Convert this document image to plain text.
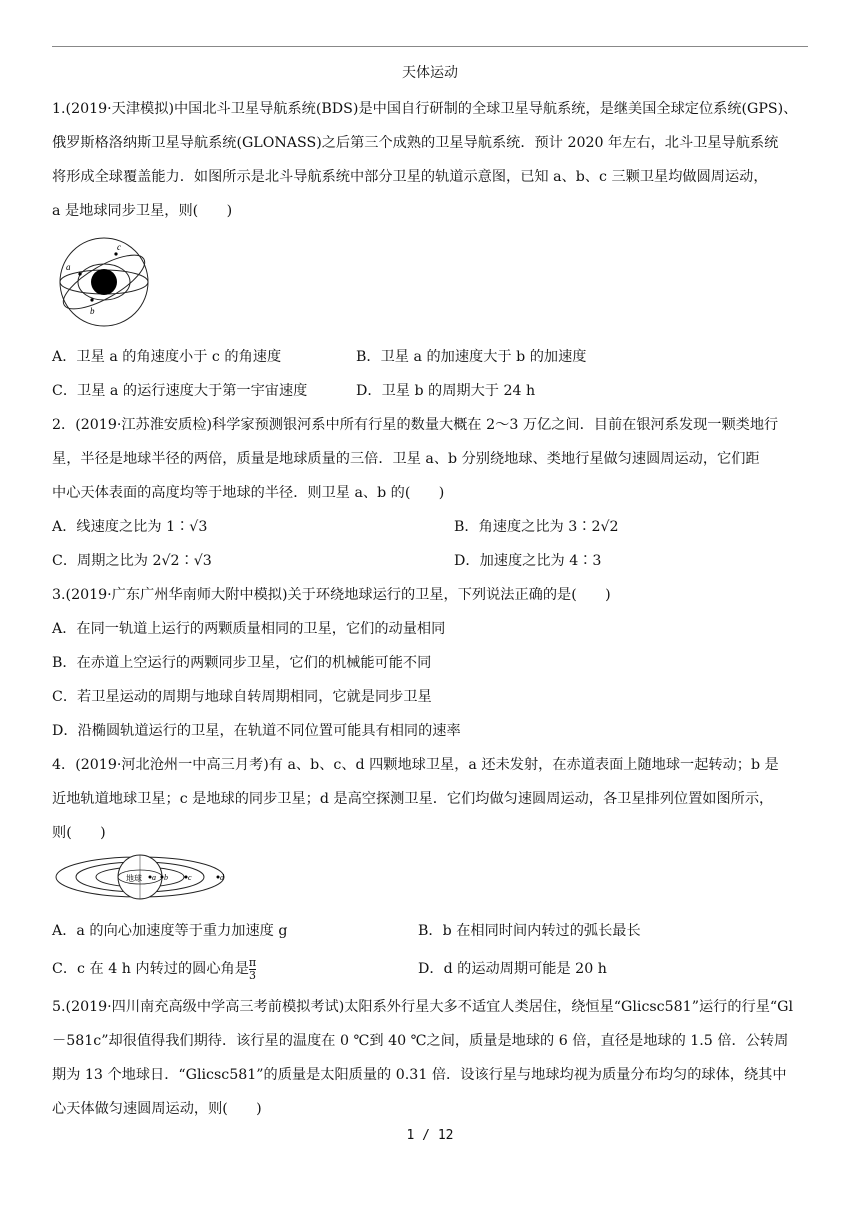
天体运动
1.(2019·天津模拟)中国北斗卫星导航系统(BDS)是中国自行研制的全球卫星导航系统，是继美国全球定位系统(GPS)、
俄罗斯格洛纳斯卫星导航系统(GLONASS)之后第三个成熟的卫星导航系统．预计 2020 年左右，北斗卫星导航系统
将形成全球覆盖能力．如图所示是北斗导航系统中部分卫星的轨道示意图，已知 a、b、c 三颗卫星均做圆周运动，
a 是地球同步卫星，则(　　)
a
b
c
A．卫星 a 的角速度小于 c 的角速度	B．卫星 a 的加速度大于 b 的加速度
C．卫星 a 的运行速度大于第一宇宙速度	D．卫星 b 的周期大于 24 h
2．(2019·江苏淮安质检)科学家预测银河系中所有行星的数量大概在 2～3 万亿之间．目前在银河系发现一颗类地行
星，半径是地球半径的两倍，质量是地球质量的三倍．卫星 a、b 分别绕地球、类地行星做匀速圆周运动，它们距
中心天体表面的高度均等于地球的半径．则卫星 a、b 的(　　)
A．线速度之比为 1∶√3	B．角速度之比为 3∶2√2
C．周期之比为 2√2∶√3	D．加速度之比为 4∶3
3.(2019·广东广州华南师大附中模拟)关于环绕地球运行的卫星，下列说法正确的是(　　)
A．在同一轨道上运行的两颗质量相同的卫星，它们的动量相同
B．在赤道上空运行的两颗同步卫星，它们的机械能可能不同
C．若卫星运动的周期与地球自转周期相同，它就是同步卫星
D．沿椭圆轨道运行的卫星，在轨道不同位置可能具有相同的速率
4．(2019·河北沧州一中高三月考)有 a、b、c、d 四颗地球卫星，a 还未发射，在赤道表面上随地球一起转动；b 是
近地轨道地球卫星；c 是地球的同步卫星；d 是高空探测卫星．它们均做匀速圆周运动，各卫星排列位置如图所示，
则(　　)
地球 a b	c	d
A．a 的向心加速度等于重力加速度 g	B．b 在相同时间内转过的弧长最长
C．c 在 4 h 内转过的圆心角是 $\frac{\pi}{3}$	D．d 的运动周期可能是 20 h
5.(2019·四川南充高级中学高三考前模拟考试)太阳系外行星大多不适宜人类居住，绕恒星“Glicsc581”运行的行星“Gl
－581c”却很值得我们期待．该行星的温度在 0 ℃到 40 ℃之间，质量是地球的 6 倍，直径是地球的 1.5 倍．公转周
期为 13 个地球日．“Glicsc581”的质量是太阳质量的 0.31 倍．设该行星与地球均视为质量分布均匀的球体，绕其中
心天体做匀速圆周运动，则(　　)
1 / 12
